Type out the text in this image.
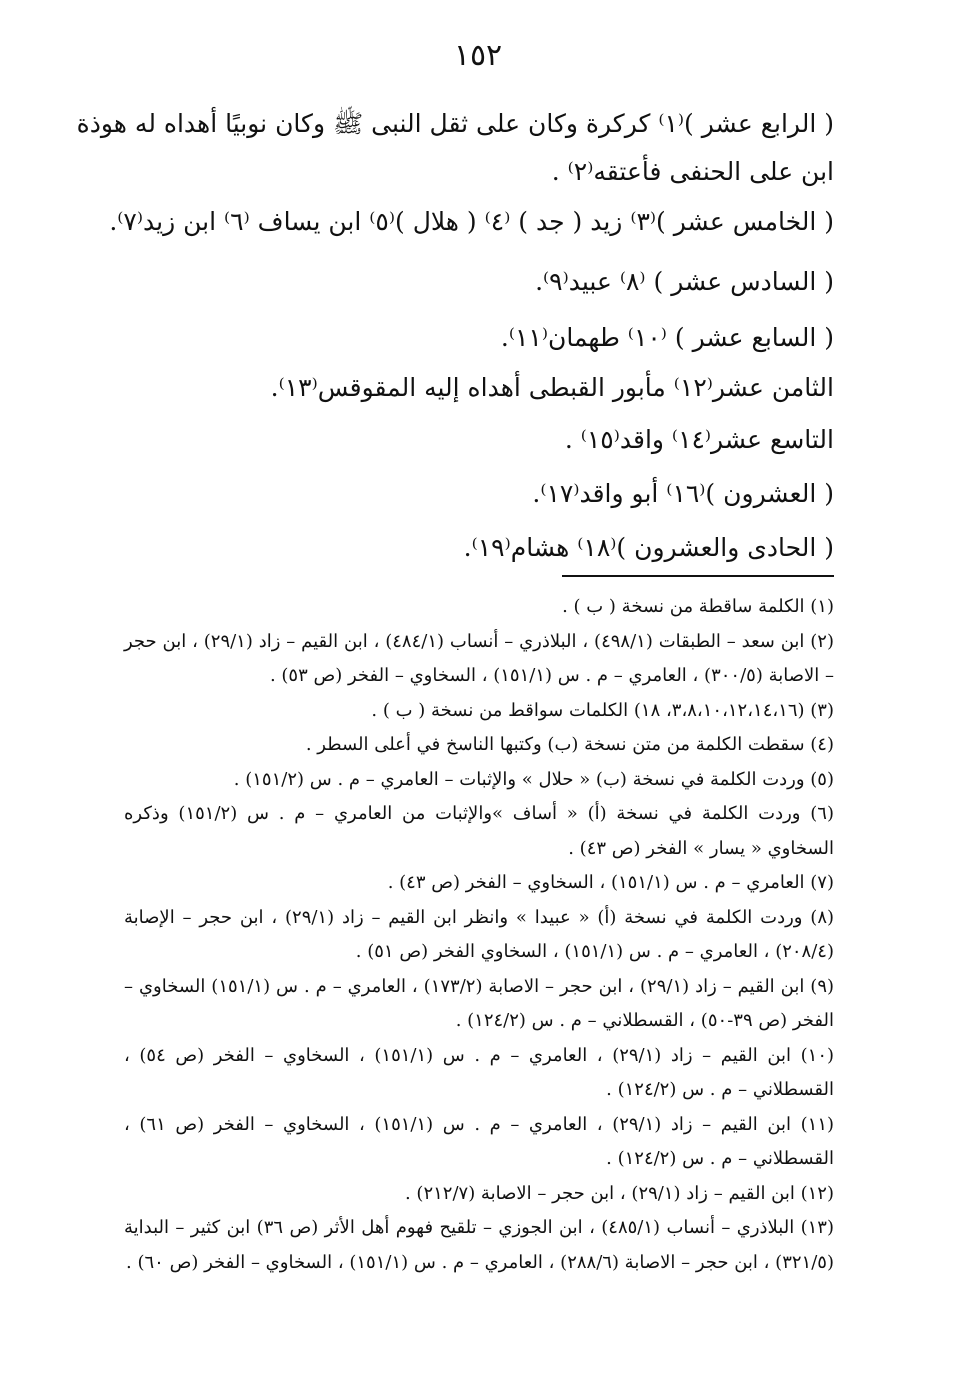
١٥٢
( الرابع عشر )⁽١⁾ كركرة وكان على ثقل النبى ﷺ وكان نوبيًا أهداه له هوذة
ابن على الحنفى فأعتقه⁽٢⁾ .
( الخامس عشر )⁽٣⁾ زيد ( جد ) ⁽٤⁾ ( هلال )⁽٥⁾ ابن يساف ⁽٦⁾ ابن زيد⁽٧⁾.
( السادس عشر ) ⁽٨⁾ عبيد⁽٩⁾.
( السابع عشر ) ⁽١٠⁾ طهمان⁽١١⁾.
الثامن عشر⁽١٢⁾ مأبور القبطى أهداه إليه المقوقس⁽١٣⁾.
التاسع عشر⁽١٤⁾ واقد⁽١٥⁾ .
( العشرون )⁽١٦⁾ أبو واقد⁽١٧⁾.
( الحادى والعشرون )⁽١٨⁾ هشام⁽١٩⁾.
(١) الكلمة ساقطة من نسخة ( ب ) .
(٢) ابن سعد – الطبقات (٤٩٨/١) ، البلاذري – أنساب (٤٨٤/١) ، ابن القيم – زاد (٢٩/١) ، ابن حجر – الاصابة (٣٠٠/٥) ، العامري – م . س (١٥١/١) ، السخاوي – الفخر (ص ٥٣) .
(٣) (٣،٨،١٠،١٢،١٤،١٦، ١٨) الكلمات سواقط من نسخة ( ب ) .
(٤) سقطت الكلمة من متن نسخة (ب) وكتبها الناسخ في أعلى السطر .
(٥) وردت الكلمة في نسخة (ب) « حلال » والإثبات – العامري – م . س (١٥١/٢) .
(٦) وردت الكلمة في نسخة (أ) « أساف »والإثبات من العامري – م . س (١٥١/٢) وذكره السخاوي « يسار » الفخر (ص ٤٣) .
(٧) العامري – م . س (١٥١/١) ، السخاوي – الفخر (ص ٤٣) .
(٨) وردت الكلمة في نسخة (أ) « عبيدا » وانظر ابن القيم – زاد (٢٩/١) ، ابن حجر – الإصابة (٢٠٨/٤) ، العامري – م . س (١٥١/١) ، السخاوي الفخر (ص ٥١) .
(٩) ابن القيم – زاد (٢٩/١) ، ابن حجر – الاصابة (١٧٣/٢) ، العامري – م . س (١٥١/١) السخاوي – الفخر (ص ٣٩-٥٠) ، القسطلاني – م . س (١٢٤/٢) .
(١٠) ابن القيم – زاد (٢٩/١) ، العامري – م . س (١٥١/١) ، السخاوي – الفخر (ص ٥٤) ، القسطلاني – م . س (١٢٤/٢) .
(١١) ابن القيم – زاد (٢٩/١) ، العامري – م . س (١٥١/١) ، السخاوي – الفخر (ص ٦١) ، القسطلاني – م . س (١٢٤/٢) .
(١٢) ابن القيم – زاد (٢٩/١) ، ابن حجر – الاصابة (٢١٢/٧) .
(١٣) البلاذري – أنساب (٤٨٥/١) ، ابن الجوزي – تلقيح فهوم أهل الأثر (ص ٣٦) ابن كثير – البداية (٣٢١/٥) ، ابن حجر – الاصابة (٢٨٨/٦) ، العامري – م . س (١٥١/١) ، السخاوي – الفخر (ص ٦٠) .
